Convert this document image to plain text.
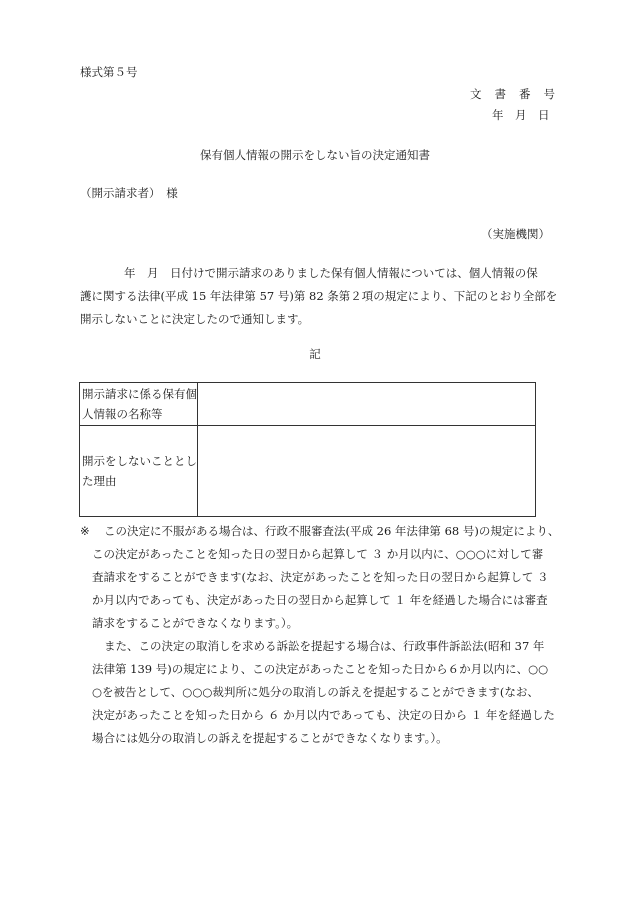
様式第５号
文書番号
年 月 日
保有個人情報の開示をしない旨の決定通知書
（開示請求者）　様
（実施機関）
年　月　日付けで開示請求のありました保有個人情報については、個人情報の保
護に関する法律(平成 15 年法律第 57 号)第 82 条第２項の規定により、下記のとおり全部を
開示しないことに決定したので通知します。
記
開示請求に係る保有個
人情報の名称等	

開示をしないこととし
た理由	

※ この決定に不服がある場合は、行政不服審査法(平成 26 年法律第 68 号)の規定により、
この決定があったことを知った日の翌日から起算して ３ か月以内に、○○○に対して審
査請求をすることができます(なお、決定があったことを知った日の翌日から起算して ３
か月以内であっても、決定があった日の翌日から起算して １ 年を経過した場合には審査
請求をすることができなくなります。）。
また、この決定の取消しを求める訴訟を提起する場合は、行政事件訴訟法(昭和 37 年
法律第 139 号)の規定により、この決定があったことを知った日から６か月以内に、○○
○を被告として、○○○裁判所に処分の取消しの訴えを提起することができます(なお、
決定があったことを知った日から ６ か月以内であっても、決定の日から １ 年を経過した
場合には処分の取消しの訴えを提起することができなくなります。）。
